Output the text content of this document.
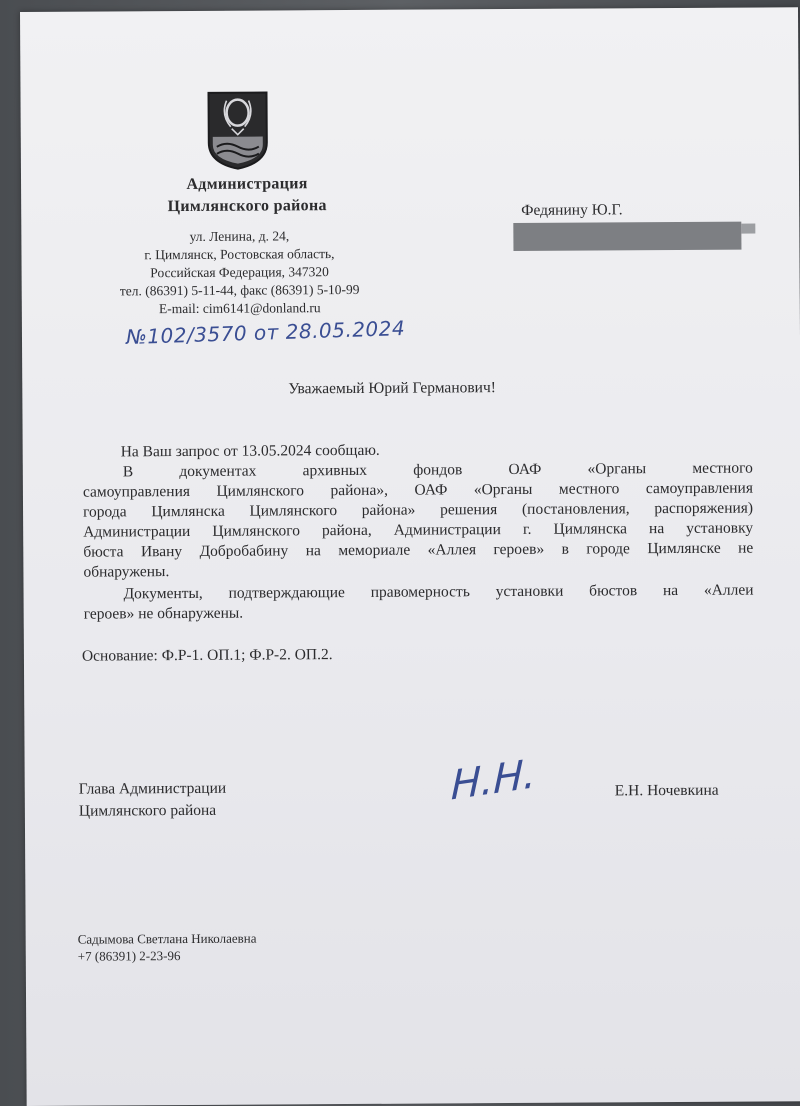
Администрация
Цимлянского района
ул. Ленина, д. 24,
г. Цимлянск, Ростовская область,
Российская Федерация, 347320
тел. (86391) 5-11-44, факс (86391) 5-10-99
E-mail: cim6141@donland.ru
№102/3570 от 28.05.2024
Федянину Ю.Г.
Уважаемый Юрий Германович!
На Ваш запрос от 13.05.2024 сообщаю.
В документах архивных фондов ОАФ «Органы местного
самоуправления Цимлянского района», ОАФ «Органы местного самоуправления
города Цимлянска Цимлянского района» решения (постановления, распоряжения)
Администрации Цимлянского района, Администрации г. Цимлянска на установку
бюста Ивану Добробабину на мемориале «Аллея героев» в городе Цимлянске не
обнаружены.
Документы, подтверждающие правомерность установки бюстов на «Аллеи
героев» не обнаружены.
Основание: Ф.Р-1. ОП.1; Ф.Р-2. ОП.2.
Глава Администрации
Цимлянского района
Н.Н.	Е.Н. Ночевкина
Садымова Светлана Николаевна
+7 (86391) 2-23-96
